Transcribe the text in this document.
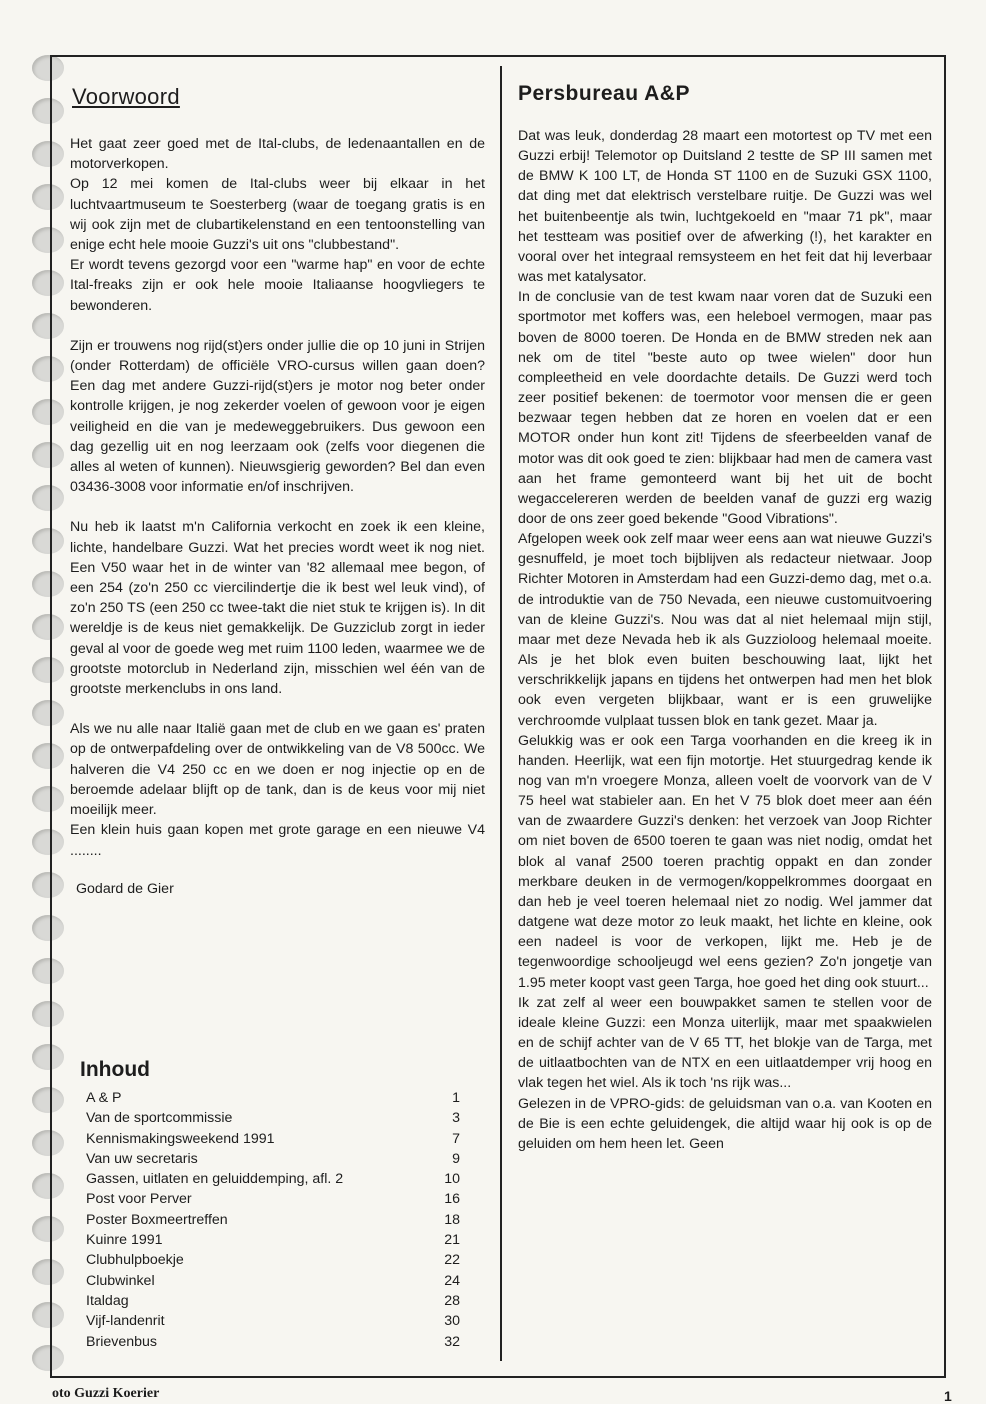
Voorwoord

Het gaat zeer goed met de Ital-clubs, de ledenaantallen en de motorverkopen.

Op 12 mei komen de Ital-clubs weer bij elkaar in het luchtvaartmuseum te Soesterberg (waar de toegang gratis is en wij ook zijn met de clubartikelenstand en een tentoonstelling van enige echt hele mooie Guzzi's uit ons "clubbestand".

Er wordt tevens gezorgd voor een "warme hap" en voor de echte Ital-freaks zijn er ook hele mooie Italiaanse hoogvliegers te bewonderen.

Zijn er trouwens nog rijd(st)ers onder jullie die op 10 juni in Strijen (onder Rotterdam) de officiële VRO-cursus willen gaan doen? Een dag met andere Guzzi-rijd(st)ers je motor nog beter onder kontrolle krijgen, je nog zekerder voelen of gewoon voor je eigen veiligheid en die van je medeweggebruikers. Dus gewoon een dag gezellig uit en nog leerzaam ook (zelfs voor diegenen die alles al weten of kunnen). Nieuwsgierig geworden? Bel dan even 03436-3008 voor informatie en/of inschrijven.

Nu heb ik laatst m'n California verkocht en zoek ik een kleine, lichte, handelbare Guzzi. Wat het precies wordt weet ik nog niet. Een V50 waar het in de winter van '82 allemaal mee begon, of een 254 (zo'n 250 cc viercilindertje die ik best wel leuk vind), of zo'n 250 TS (een 250 cc twee-takt die niet stuk te krijgen is). In dit wereldje is de keus niet gemakkelijk. De Guzziclub zorgt in ieder geval al voor de goede weg met ruim 1100 leden, waarmee we de grootste motorclub in Nederland zijn, misschien wel één van de grootste merkenclubs in ons land.

Als we nu alle naar Italië gaan met de club en we gaan es' praten op de ontwerpafdeling over de ontwikkeling van de V8 500cc. We halveren die V4 250 cc en we doen er nog injectie op en de beroemde adelaar blijft op de tank, dan is de keus voor mij niet moeilijk meer.

Een klein huis gaan kopen met grote garage en een nieuwe V4 ........

Godard de Gier
Inhoud
A & P	1
Van de sportcommissie	3
Kennismakingsweekend 1991	7
Van uw secretaris	9
Gassen, uitlaten en geluiddemping, afl. 2	10
Post voor Perver	16
Poster Boxmeertreffen	18
Kuinre 1991	21
Clubhulpboekje	22
Clubwinkel	24
Italdag	28
Vijf-landenrit	30
Brievenbus	32
Persbureau A&P

Dat was leuk, donderdag 28 maart een motortest op TV met een Guzzi erbij! Telemotor op Duitsland 2 testte de SP III samen met de BMW K 100 LT, de Honda ST 1100 en de Suzuki GSX 1100, dat ding met dat elektrisch verstelbare ruitje. De Guzzi was wel het buitenbeentje als twin, luchtgekoeld en "maar 71 pk", maar het testteam was positief over de afwerking (!), het karakter en vooral over het integraal remsysteem en het feit dat hij leverbaar was met katalysator.

In de conclusie van de test kwam naar voren dat de Suzuki een sportmotor met koffers was, een heleboel vermogen, maar pas boven de 8000 toeren. De Honda en de BMW streden nek aan nek om de titel "beste auto op twee wielen" door hun compleetheid en vele doordachte details. De Guzzi werd toch zeer positief bekenen: de toermotor voor mensen die er geen bezwaar tegen hebben dat ze horen en voelen dat er een MOTOR onder hun kont zit! Tijdens de sfeerbeelden vanaf de motor was dit ook goed te zien: blijkbaar had men de camera vast aan het frame gemonteerd want bij het uit de bocht wegaccelereren werden de beelden vanaf de guzzi erg wazig door de ons zeer goed bekende "Good Vibrations".

Afgelopen week ook zelf maar weer eens aan wat nieuwe Guzzi's gesnuffeld, je moet toch bijblijven als redacteur nietwaar. Joop Richter Motoren in Amsterdam had een Guzzi-demo dag, met o.a. de introduktie van de 750 Nevada, een nieuwe customuitvoering van de kleine Guzzi's. Nou was dat al niet helemaal mijn stijl, maar met deze Nevada heb ik als Guzzioloog helemaal moeite. Als je het blok even buiten beschouwing laat, lijkt het verschrikkelijk japans en tijdens het ontwerpen had men het blok ook even vergeten blijkbaar, want er is een gruwelijke verchroomde vulplaat tussen blok en tank gezet. Maar ja.

Gelukkig was er ook een Targa voorhanden en die kreeg ik in handen. Heerlijk, wat een fijn motortje. Het stuurgedrag kende ik nog van m'n vroegere Monza, alleen voelt de voorvork van de V 75 heel wat stabieler aan. En het V 75 blok doet meer aan één van de zwaardere Guzzi's denken: het verzoek van Joop Richter om niet boven de 6500 toeren te gaan was niet nodig, omdat het blok al vanaf 2500 toeren prachtig oppakt en dan zonder merkbare deuken in de vermogen/koppelkrommes doorgaat en dan heb je veel toeren helemaal niet zo nodig. Wel jammer dat datgene wat deze motor zo leuk maakt, het lichte en kleine, ook een nadeel is voor de verkopen, lijkt me. Heb je de tegenwoordige schooljeugd wel eens gezien? Zo'n jongetje van 1.95 meter koopt vast geen Targa, hoe goed het ding ook stuurt...

Ik zat zelf al weer een bouwpakket samen te stellen voor de ideale kleine Guzzi: een Monza uiterlijk, maar met spaakwielen en de schijf achter van de V 65 TT, het blokje van de Targa, met de uitlaatbochten van de NTX en een uitlaatdemper vrij hoog en vlak tegen het wiel. Als ik toch 'ns rijk was...

Gelezen in de VPRO-gids: de geluidsman van o.a. van Kooten en de Bie is een echte geluidengek, die altijd waar hij ook is op de geluiden om hem heen let. Geen

oto Guzzi Koerier	1
